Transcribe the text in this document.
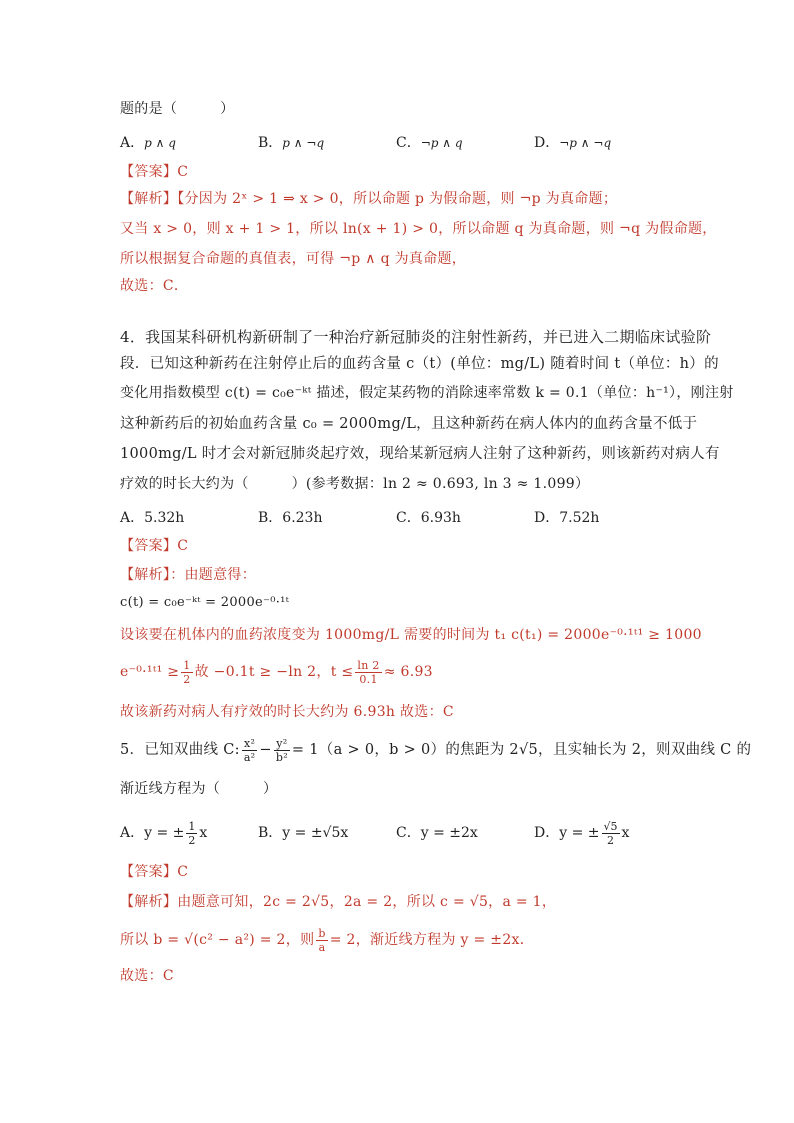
题的是（　　　）
A．p ∧ q	B．p ∧ ¬q	C．¬p ∧ q	D．¬p ∧ ¬q
【答案】C
【解析】【分因为 2ˣ > 1 ⇒ x > 0，所以命题 p 为假命题，则 ¬p 为真命题；
又当 x > 0，则 x + 1 > 1，所以 ln(x + 1) > 0，所以命题 q 为真命题，则 ¬q 为假命题，
所以根据复合命题的真值表，可得 ¬p ∧ q 为真命题，
故选：C．
4．我国某科研机构新研制了一种治疗新冠肺炎的注射性新药，并已进入二期临床试验阶
段．已知这种新药在注射停止后的血药含量 c（t）(单位：mg/L) 随着时间 t（单位：h）的
变化用指数模型 c(t) = c₀e⁻ᵏᵗ 描述，假定某药物的消除速率常数 k = 0.1（单位：h⁻¹），刚注射
这种新药后的初始血药含量 c₀ = 2000mg/L，且这种新药在病人体内的血药含量不低于
1000mg/L 时才会对新冠肺炎起疗效，现给某新冠病人注射了这种新药，则该新药对病人有
疗效的时长大约为（　　　）(参考数据：ln 2 ≈ 0.693, ln 3 ≈ 1.099）
A．5.32h	B．6.23h	C．6.93h	D．7.52h
【答案】C
【解析】：由题意得：
c(t) = c₀e⁻ᵏᵗ = 2000e⁻⁰·¹ᵗ
设该要在机体内的血药浓度变为 1000mg/L 需要的时间为 t₁ c(t₁) = 2000e⁻⁰·¹ᵗ¹ ≥ 1000
e⁻⁰·¹ᵗ¹ ≥ $\frac{1}{2}$ 故 −0.1t ≥ −ln 2，$t \le \frac{\ln 2}{0.1} \approx 6.93$
故该新药对病人有疗效的时长大约为 6.93h 故选：C
5．已知双曲线 C: $\frac{\text{x²}}{\text{a²}} - \frac{\text{y²}}{\text{b²}} = 1(a > 0$，b > 0）的焦距为 2√5，且实轴长为 2，则双曲线 C 的
渐近线方程为（　　　）
A．y = ± $\frac{1}{2}$ x	B．y = ±√5x	C．y = ±2x	D．y = ± $\frac{√5}{2}$ x
【答案】C
【解析】由题意可知，2c = 2√5，2a = 2，所以 c = √5，a = 1，
所以 b = √(c² − a²) = 2，则 $\frac{b}{a} = 2$，渐近线方程为 y = ±2x．
故选：C
